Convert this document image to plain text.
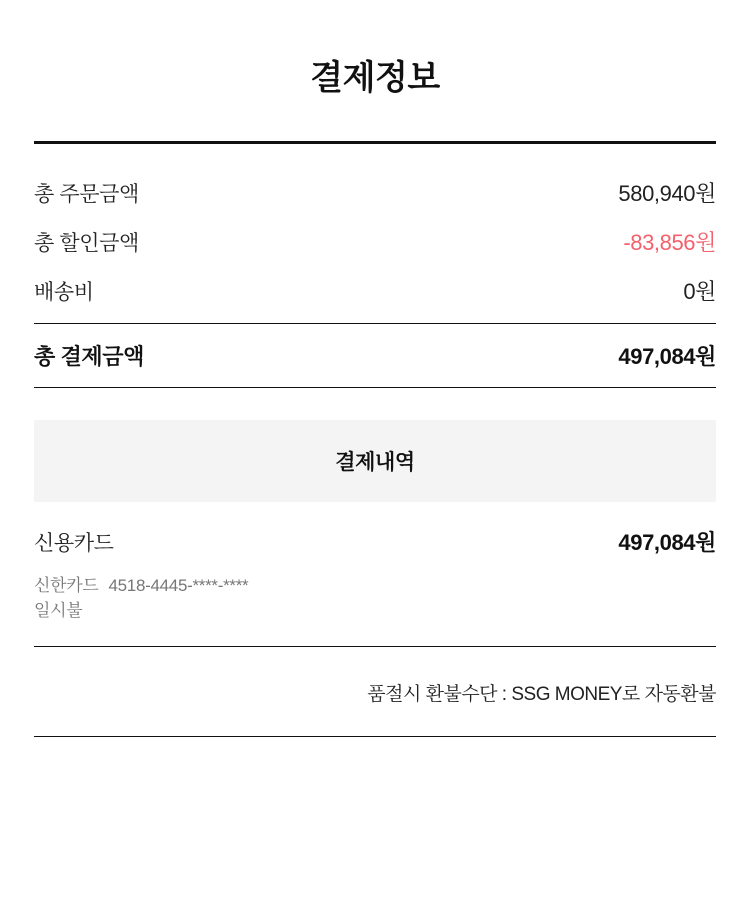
결제정보
총 주문금액	580,940원
총 할인금액	-83,856원
배송비	0원
총 결제금액	497,084원
결제내역
신용카드	497,084원
신한카드 4518-4445-****-****
일시불
품절시 환불수단 : SSG MONEY로 자동환불
